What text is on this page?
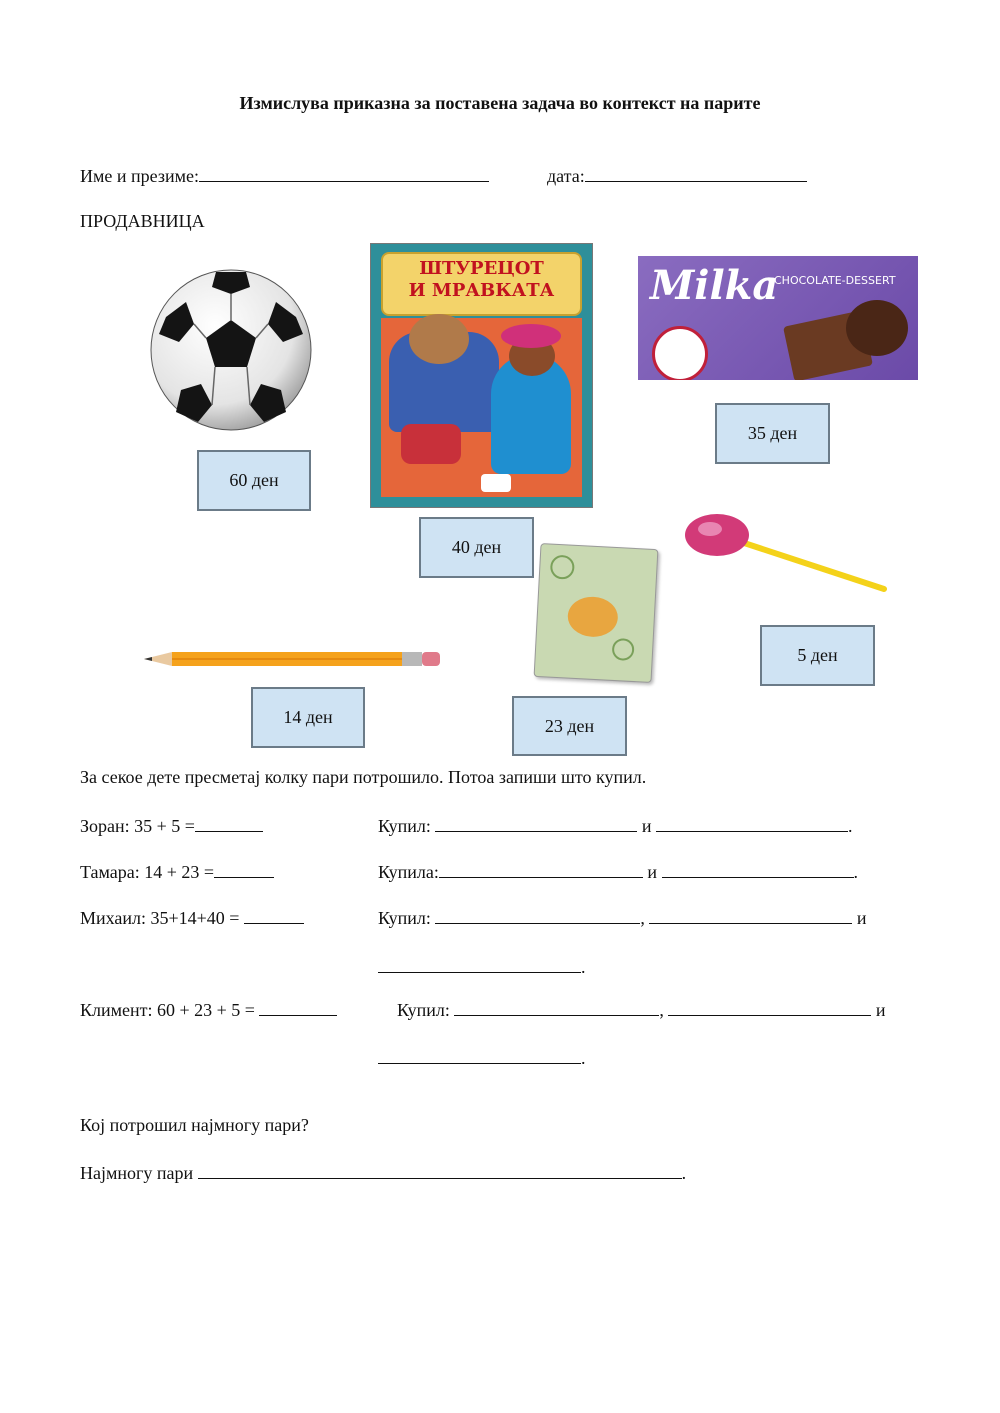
Измислува приказна за поставена задача во контекст на парите
Име и презиме:	дата:
ПРОДАВНИЦА
60 ден
ШТУРЕЦОТ
И МРАВКАТА
40 ден
Milka
CHOCOLATE-DESSERT
35 ден
5 ден
23 ден
14 ден
За секое дете пресметај колку пари потрошило. Потоа запиши што купил.
Зоран: 35 + 5 =	Купил:	и	.
Тамара: 14 + 23 =	Купила:	и	.
Михаил: 35+14+40 =	Купил:	,	и
.
Климент: 60 + 23 + 5 =	Купил:	,	и
.
Кој потрошил најмногу пари?
Најмногу пари	.
